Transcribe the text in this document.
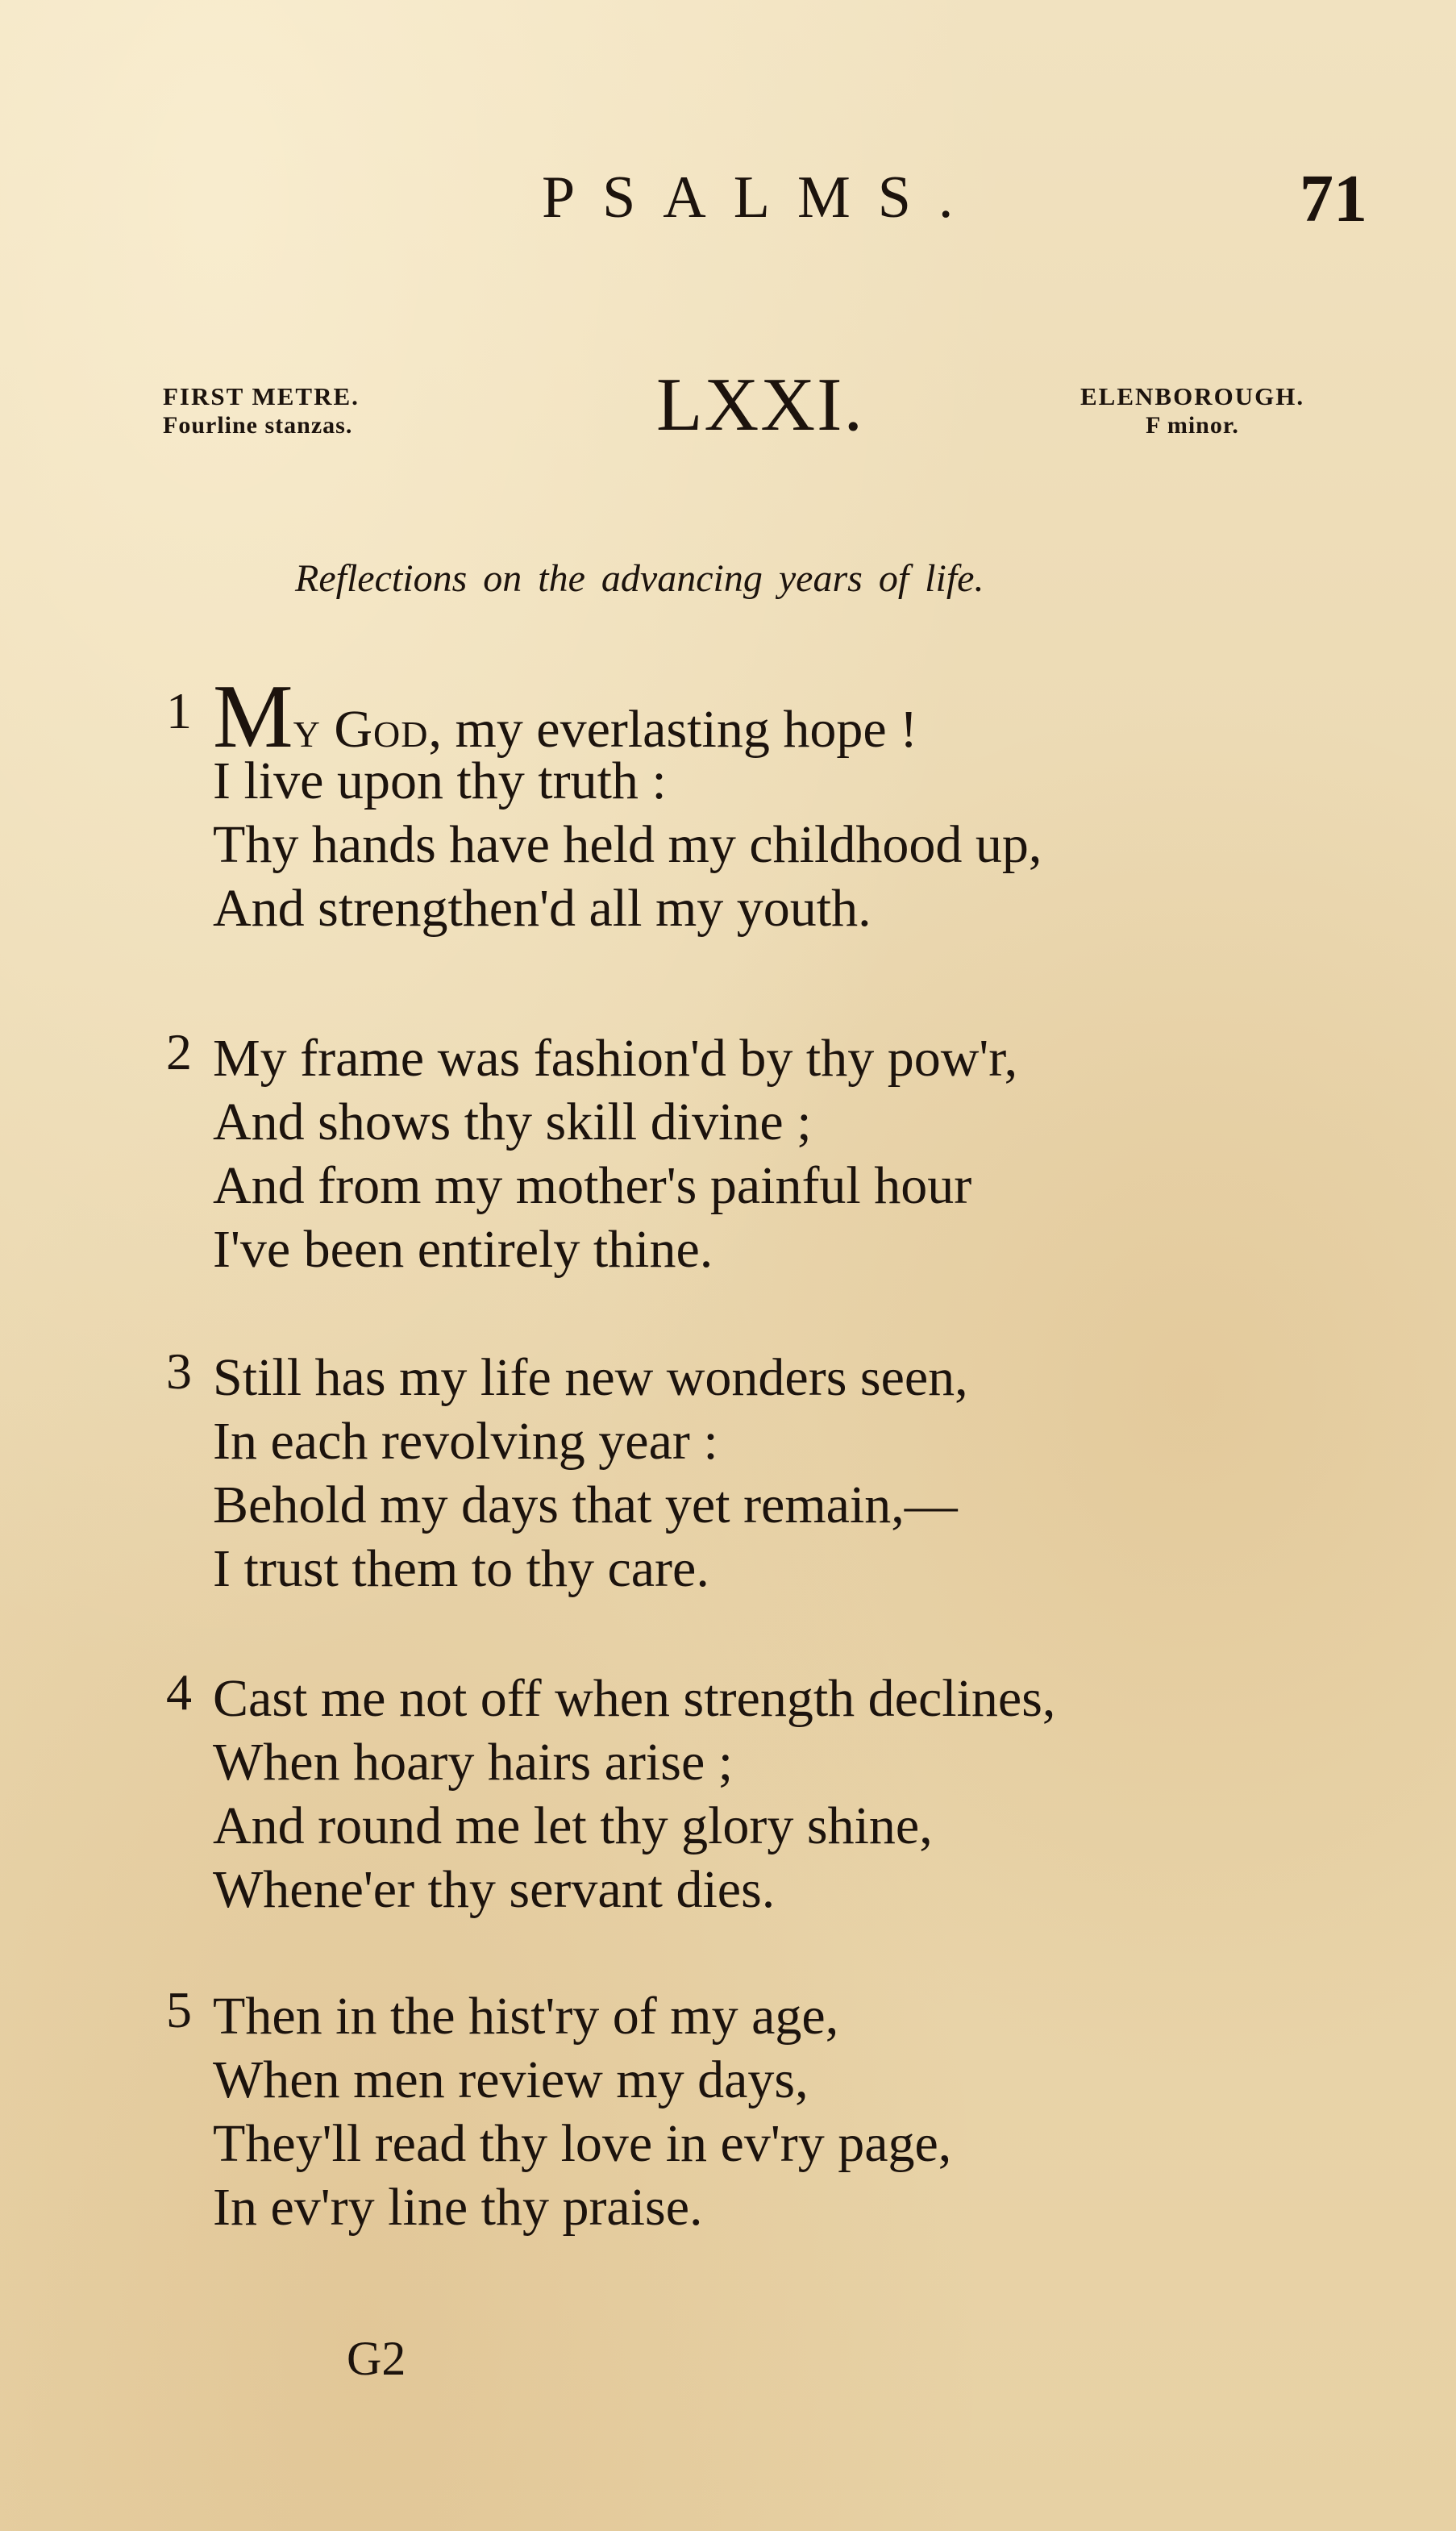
PSALMS.	71
FIRST METRE.
Fourline stanzas.	LXXI.	ELENBOROUGH.
F minor.
Reflections on the advancing years of life.
1 My God, my everlasting hope !
I live upon thy truth :
Thy hands have held my childhood up,
And strengthen'd all my youth.
2 My frame was fashion'd by thy pow'r,
And shows thy skill divine ;
And from my mother's painful hour
I've been entirely thine.
3 Still has my life new wonders seen,
In each revolving year :
Behold my days that yet remain,—
I trust them to thy care.
4 Cast me not off when strength declines,
When hoary hairs arise ;
And round me let thy glory shine,
Whene'er thy servant dies.
5 Then in the hist'ry of my age,
When men review my days,
They'll read thy love in ev'ry page,
In ev'ry line thy praise.
G2
